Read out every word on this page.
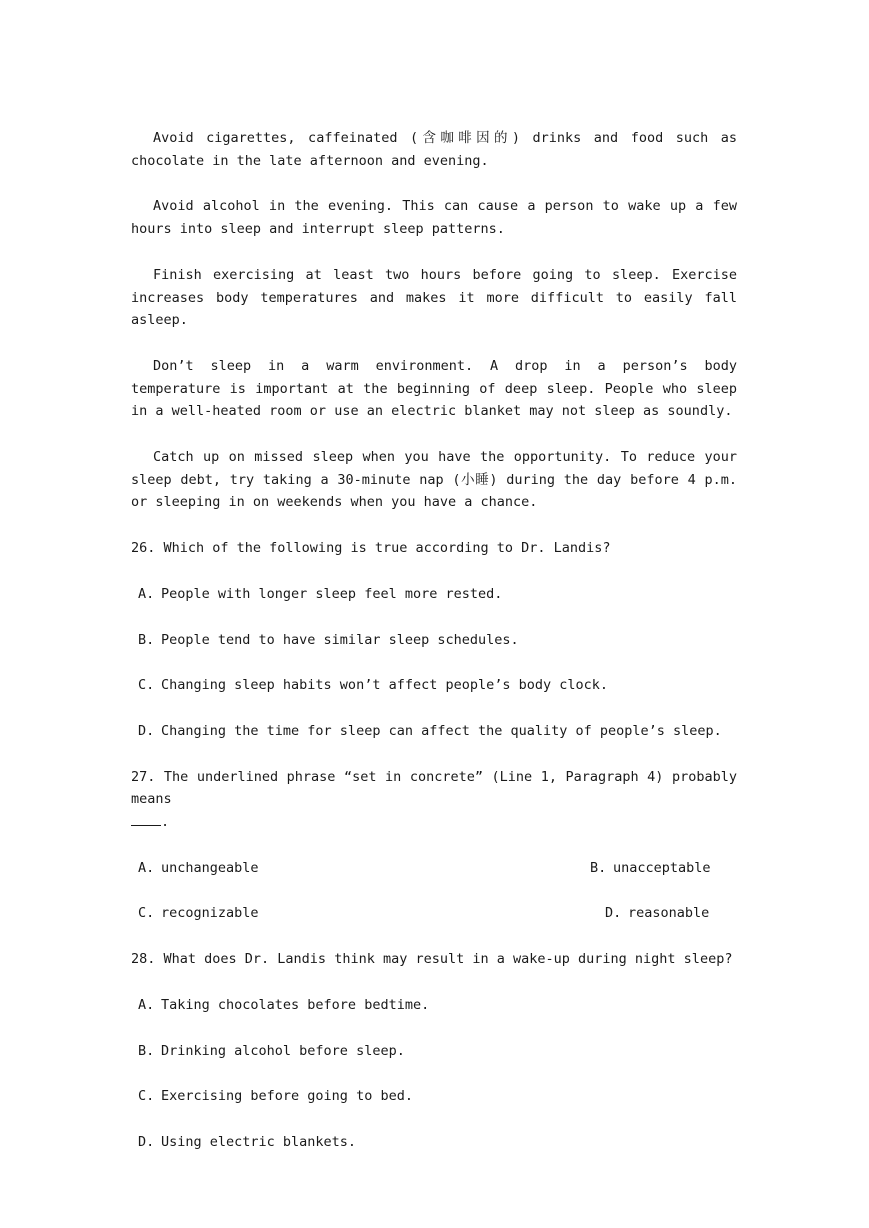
Avoid cigarettes, caffeinated (含咖啡因的) drinks and food such as chocolate in the late afternoon and evening.

Avoid alcohol in the evening. This can cause a person to wake up a few hours into sleep and interrupt sleep patterns.

Finish exercising at least two hours before going to sleep. Exercise increases body temperatures and makes it more difficult to easily fall asleep.

Don’t sleep in a warm environment. A drop in a person’s body temperature is important at the beginning of deep sleep. People who sleep in a well-heated room or use an electric blanket may not sleep as soundly.

Catch up on missed sleep when you have the opportunity. To reduce your sleep debt, try taking a 30-minute nap (小睡) during the day before 4 p.m. or sleeping in on weekends when you have a chance.

26. Which of the following is true according to Dr. Landis?

A. People with longer sleep feel more rested.

B. People tend to have similar sleep schedules.

C. Changing sleep habits won’t affect people’s body clock.

D. Changing the time for sleep can affect the quality of people’s sleep.

27. The underlined phrase “set in concrete” (Line 1, Paragraph 4) probably means
.

A. unchangeable	B. unacceptable
C. recognizable	D. reasonable

28. What does Dr. Landis think may result in a wake-up during night sleep?

A. Taking chocolates before bedtime.

B. Drinking alcohol before sleep.

C. Exercising before going to bed.

D. Using electric blankets.
